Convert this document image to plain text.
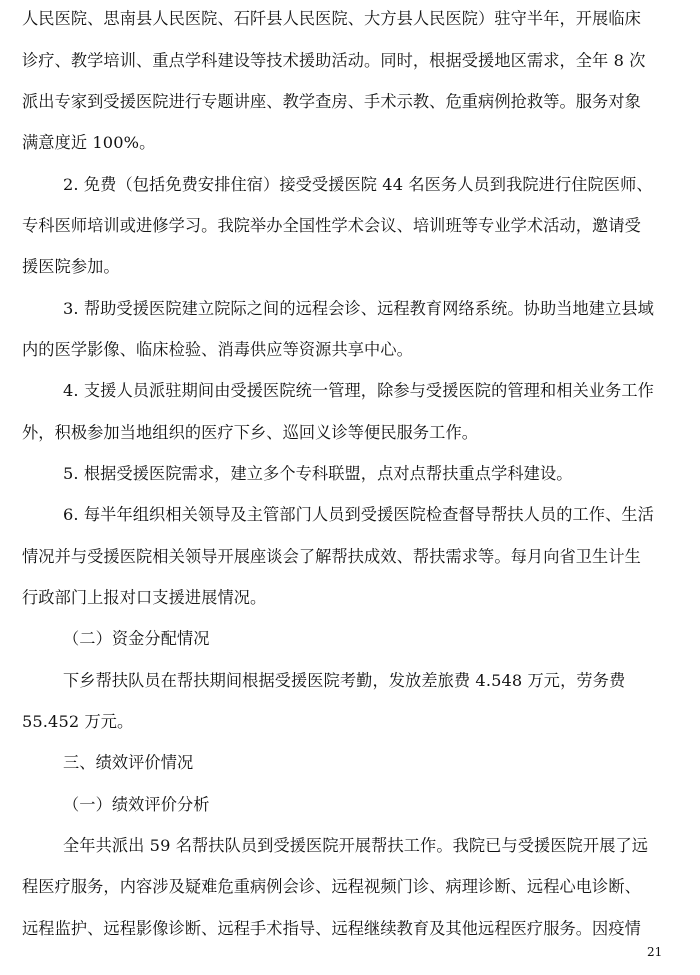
人民医院、思南县人民医院、石阡县人民医院、大方县人民医院）驻守半年，开展临床
诊疗、教学培训、重点学科建设等技术援助活动。同时，根据受援地区需求，全年 8 次
派出专家到受援医院进行专题讲座、教学查房、手术示教、危重病例抢救等。服务对象
满意度近 100%。
2. 免费（包括免费安排住宿）接受受援医院 44 名医务人员到我院进行住院医师、
专科医师培训或进修学习。我院举办全国性学术会议、培训班等专业学术活动，邀请受
援医院参加。
3. 帮助受援医院建立院际之间的远程会诊、远程教育网络系统。协助当地建立县域
内的医学影像、临床检验、消毒供应等资源共享中心。
4. 支援人员派驻期间由受援医院统一管理，除参与受援医院的管理和相关业务工作
外，积极参加当地组织的医疗下乡、巡回义诊等便民服务工作。
5. 根据受援医院需求，建立多个专科联盟，点对点帮扶重点学科建设。
6. 每半年组织相关领导及主管部门人员到受援医院检查督导帮扶人员的工作、生活
情况并与受援医院相关领导开展座谈会了解帮扶成效、帮扶需求等。每月向省卫生计生
行政部门上报对口支援进展情况。
（二）资金分配情况
下乡帮扶队员在帮扶期间根据受援医院考勤，发放差旅费 4.548 万元，劳务费
55.452 万元。
三、绩效评价情况
（一）绩效评价分析
全年共派出 59 名帮扶队员到受援医院开展帮扶工作。我院已与受援医院开展了远
程医疗服务，内容涉及疑难危重病例会诊、远程视频门诊、病理诊断、远程心电诊断、
远程监护、远程影像诊断、远程手术指导、远程继续教育及其他远程医疗服务。因疫情
21
